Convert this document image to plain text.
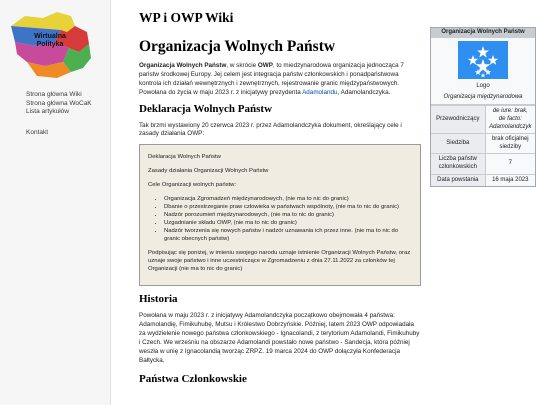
Wirtualna
Polityka
Strona główna Wiki
Strona główna WoCaK
Lista artykułów
Kontakt
WP i OWP Wiki
Organizacja Wolnych Państw

Organizacja Wolnych Państw, w skrócie OWP, to miedzynarodowa organizacja jednocząca 7 państw środkowej Europy. Jej celem jest integracja państw członkowskich i ponadpaństwowa kontrola ich działań wewnętrznych i zewnętrznych, rejestrowanie granic międzypaństwowych. Powołana do życia w maju 2023 r. z inicjatywy prezydenta Adamolandu, Adamolandczyka.

Deklaracja Wolnych Państw

Tak brzmi wystawiony 20 czerwca 2023 r. przez Adamolandczyka dokument, określający cele i zasady działania OWP:

Deklaracja Wolnych Państw
Zasady działania Organizacji Wolnych Państw
Cele Organizacji wolnych państw:
• Organizacja Zgromadzeń międzynarodowych, (nie ma to nic do granic)
• Dbanie o przestrzeganie praw człowieka w państwach wspólnoty, (nie ma to nic do granic)
• Nadzór porozumień międzynarodowych, (nie ma to nic do granic)
• Uzgadnianie składu OWP, (nie ma to nic do granic)
• Nadzór tworzenia się nowych państw i nadzór uznawania ich przez inne. (nie ma to nic do granic obecnych państw)
Podpisując się poniżej, w imieniu swojego narodu uznaje istnienie Organizacji Wolnych Państw, oraz uznaje swoje państwo i inne uczestniczące w Zgromadzeniu z dnia 27.11.2022 za członków tej Organizacji (nie ma to nic do granic)
Historia

Powołana w maju 2023 r. z inicjatywy Adamolandczyka początkowo obejmowała 4 państwa: Adamolandię, Fimikuhubę, Mutsu i Królestwo Dobrzyńskie. Później, latem 2023 OWP odpowiadała za wydzielenie nowego państwa członkowskiego - Ignacolandi, z terytorium Adamolandi, Fimikuhuby i Czech. We wrześniu na obszarze Adamolandi powstało nowe państwo - Sandecja, która później weszła w unię z Ignacolandią tworząc ZRPZ. 19 marca 2024 do OWP dołączyła Konfederacja Bałtycka.

Państwa Członkowskie
Organizacja Wolnych Państw
Logo
Organizacja międzynarodowa
Przewodniczący	de iure: brak,
de facto: Adamolandczyk
Siedziba	brak oficjalnej siedziby
Liczba państw członkowskich	7
Data powstania	16 maja 2023
